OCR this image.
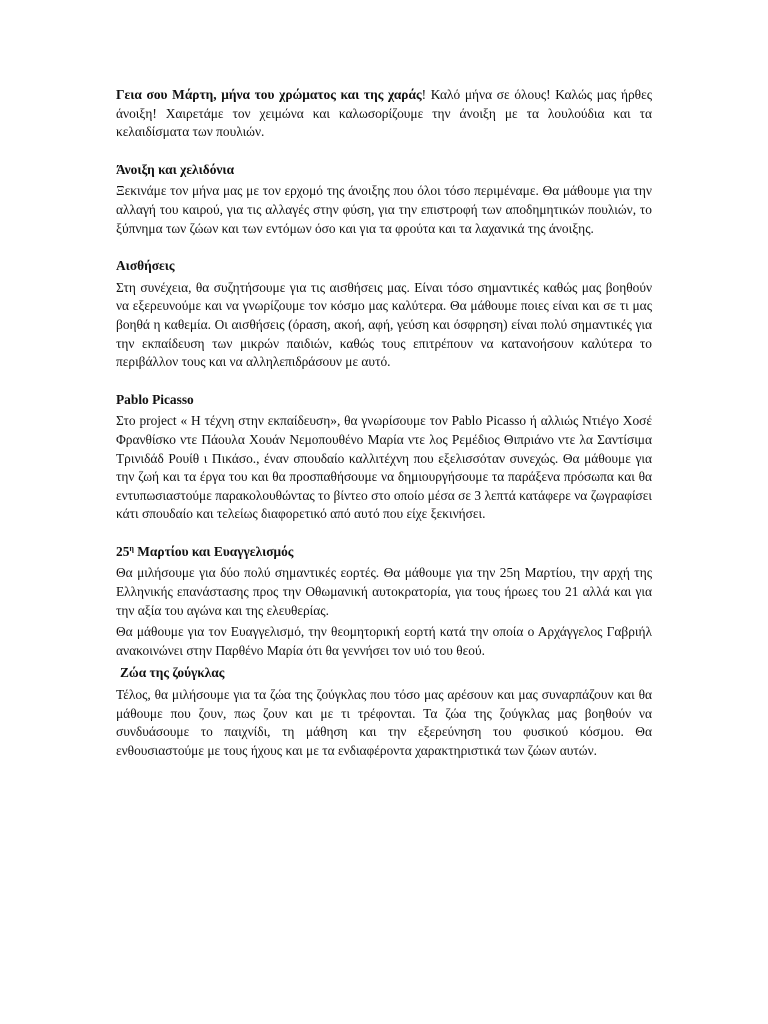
Γεια σου Μάρτη, μήνα του χρώματος και της χαράς! Καλό μήνα σε όλους! Καλώς μας ήρθες άνοιξη! Χαιρετάμε τον χειμώνα και καλωσορίζουμε την άνοιξη με τα λουλούδια και τα κελαιδίσματα των πουλιών.

Άνοιξη και χελιδόνια

Ξεκινάμε τον μήνα μας με τον ερχομό της άνοιξης που όλοι τόσο περιμέναμε. Θα μάθουμε για την αλλαγή του καιρού, για τις αλλαγές στην φύση, για την επιστροφή των αποδημητικών πουλιών, το ξύπνημα των ζώων και των εντόμων όσο και για τα φρούτα και τα λαχανικά της άνοιξης.

Αισθήσεις

Στη συνέχεια, θα συζητήσουμε για τις αισθήσεις μας. Είναι τόσο σημαντικές καθώς μας βοηθούν να εξερευνούμε και να γνωρίζουμε τον κόσμο μας καλύτερα. Θα μάθουμε ποιες είναι και σε τι μας βοηθά η καθεμία. Οι αισθήσεις (όραση, ακοή, αφή, γεύση και όσφρηση) είναι πολύ σημαντικές για την εκπαίδευση των μικρών παιδιών, καθώς τους επιτρέπουν να κατανοήσουν καλύτερα το περιβάλλον τους και να αλληλεπιδράσουν με αυτό.

Pablo Picasso

Στο project « Η τέχνη στην εκπαίδευση», θα γνωρίσουμε τον Pablo Picasso ή αλλιώς Ντιέγο Χοσέ Φρανθίσκο ντε Πάουλα Χουάν Νεμοπουθένο Μαρία ντε λος Ρεμέδιος Θιπριάνο ντε λα Σαντίσιμα Τρινιδάδ Ρουίθ ι Πικάσο., έναν σπουδαίο καλλιτέχνη που εξελισσόταν συνεχώς. Θα μάθουμε για την ζωή και τα έργα του και θα προσπαθήσουμε να δημιουργήσουμε τα παράξενα πρόσωπα και θα εντυπωσιαστούμε παρακολουθώντας το βίντεο στο οποίο μέσα σε 3 λεπτά κατάφερε να ζωγραφίσει κάτι σπουδαίο και τελείως διαφορετικό από αυτό που είχε ξεκινήσει.

$25^\eta$ Μαρτίου και Ευαγγελισμός

Θα μιλήσουμε για δύο πολύ σημαντικές εορτές. Θα μάθουμε για την 25η Μαρτίου, την αρχή της Ελληνικής επανάστασης προς την Οθωμανική αυτοκρατορία, για τους ήρωες του 21 αλλά και για την αξία του αγώνα και της ελευθερίας.

Θα μάθουμε για τον Ευαγγελισμό, την θεομητορική εορτή κατά την οποία ο Αρχάγγελος Γαβριήλ ανακοινώνει στην Παρθένο Μαρία ότι θα γεννήσει τον υιό του θεού.

Ζώα της ζούγκλας

Τέλος, θα μιλήσουμε για τα ζώα της ζούγκλας που τόσο μας αρέσουν και μας συναρπάζουν και θα μάθουμε που ζουν, πως ζουν και με τι τρέφονται. Τα ζώα της ζούγκλας μας βοηθούν να συνδυάσουμε το παιχνίδι, τη μάθηση και την εξερεύνηση του φυσικού κόσμου. Θα ενθουσιαστούμε με τους ήχους και με τα ενδιαφέροντα χαρακτηριστικά των ζώων αυτών.
